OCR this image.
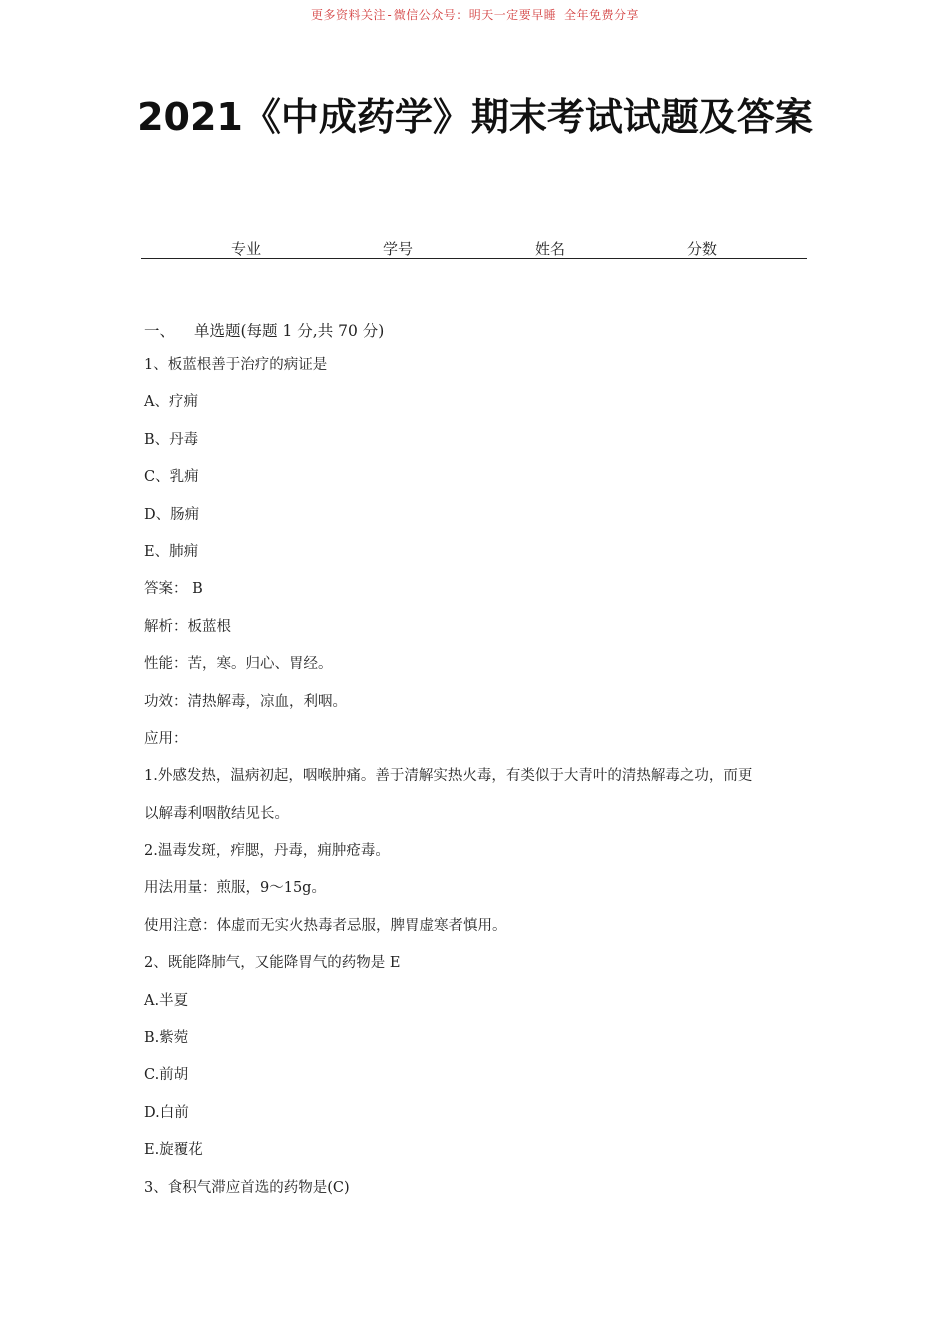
更多资料关注-微信公众号：明天一定要早睡 全年免费分享
2021《中成药学》期末考试试题及答案
专业	学号	姓名	分数
一、 单选题(每题 1 分,共 70 分)
1、板蓝根善于治疗的病证是
A、疗痈
B、丹毒
C、乳痈
D、肠痈
E、肺痈
答案： B
解析：板蓝根
性能：苦，寒。归心、胃经。
功效：清热解毒，凉血，利咽。
应用：
1.外感发热，温病初起，咽喉肿痛。善于清解实热火毒，有类似于大青叶的清热解毒之功，而更
以解毒利咽散结见长。
2.温毒发斑，痄腮，丹毒，痈肿疮毒。
用法用量：煎服，9～15g。
使用注意：体虚而无实火热毒者忌服，脾胃虚寒者慎用。
2、既能降肺气，又能降胃气的药物是 E
A.半夏
B.紫菀
C.前胡
D.白前
E.旋覆花
3、食积气滞应首选的药物是(C)
